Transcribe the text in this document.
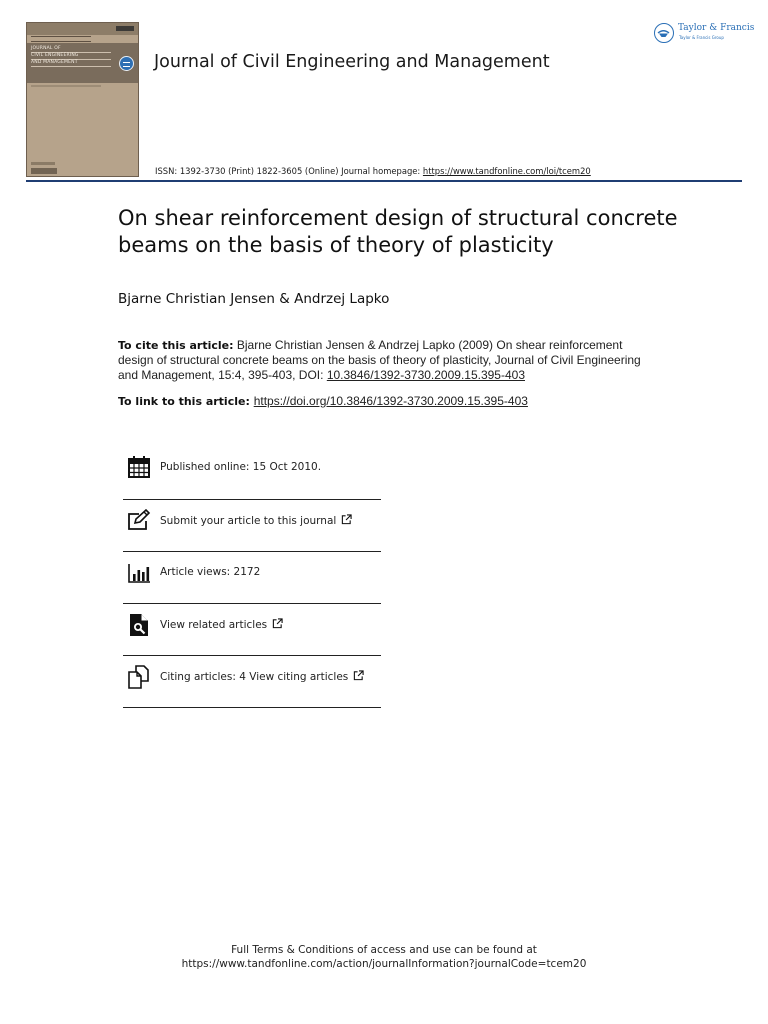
JOURNAL OF
CIVIL ENGINEERING
AND MANAGEMENT	Journal of Civil Engineering and Management
ISSN: 1392-3730 (Print) 1822-3605 (Online) Journal homepage: https://www.tandfonline.com/loi/tcem20
Taylor & Francis
Taylor & Francis Group
On shear reinforcement design of structural concrete beams on the basis of theory of plasticity
Bjarne Christian Jensen & Andrzej Lapko
To cite this article: Bjarne Christian Jensen & Andrzej Lapko (2009) On shear reinforcement design of structural concrete beams on the basis of theory of plasticity, Journal of Civil Engineering and Management, 15:4, 395-403, DOI: 10.3846/1392-3730.2009.15.395-403
To link to this article: https://doi.org/10.3846/1392-3730.2009.15.395-403
Published online: 15 Oct 2010.
Submit your article to this journal
Article views: 2172
View related articles
Citing articles: 4 View citing articles
Full Terms & Conditions of access and use can be found at
https://www.tandfonline.com/action/journalInformation?journalCode=tcem20
